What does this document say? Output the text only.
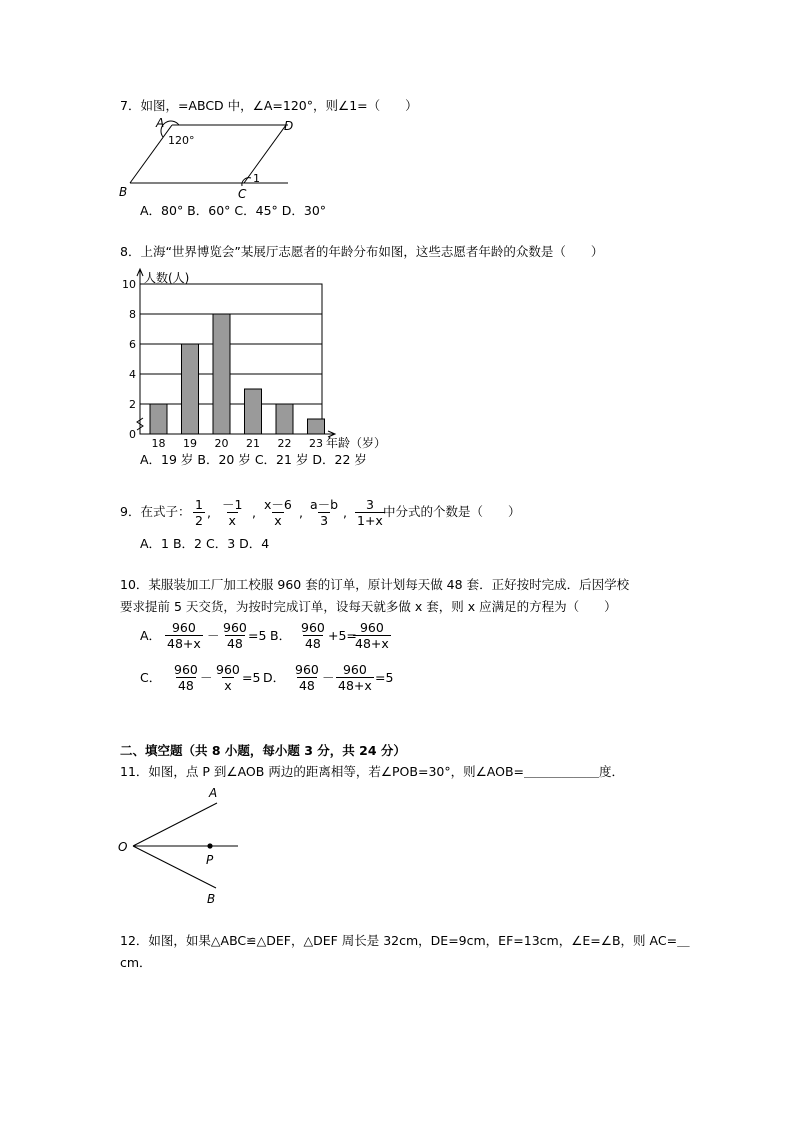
7．如图，=ABCD 中，∠A=120°，则∠1=（　　）
A	D
B	C
120°
1
A．80° B．60° C．45° D．30°
8．上海“世界博览会”某展厅志愿者的年龄分布如图，这些志愿者年龄的众数是（　　）
0
2
4
6
8
10
18 19 20 21 22 23
人数(人)
年龄（岁）
A．19 岁 B．20 岁 C．21 岁 D．22 岁
9．在式子： $\frac{1}{2}$ , $\frac{-1}{x}$ , $\frac{x-6}{x}$ , $\frac{a-b}{3}$ , $\frac{3}{1+x}$
中分式的个数是（　　）
A．1 B．2 C．3 D．4
10．某服装加工厂加工校服 960 套的订单，原计划每天做 48 套．正好按时完成．后因学校
要求提前 5 天交货，为按时完成订单，设每天就多做 x 套，则 x 应满足的方程为（　　）
A． $\frac{960}{48+x} - \frac{960}{48} =5$ B． $\frac{960}{48} +5=$
$\frac{960}{48+x}$
C． $\frac{960}{48} - \frac{960}{x} =5$ D． $\frac{960}{48} - \frac{960}{48+x} =5$
二、填空题（共 8 小题，每小题 3 分，共 24 分）
11．如图，点 P 到∠AOB 两边的距离相等，若∠POB=30°，则∠AOB=＿＿＿＿＿＿度．
A
O
P
B
12．如图，如果△ABC≌△DEF，△DEF 周长是 32cm，DE=9cm，EF=13cm，∠E=∠B，则 AC=＿
cm．
